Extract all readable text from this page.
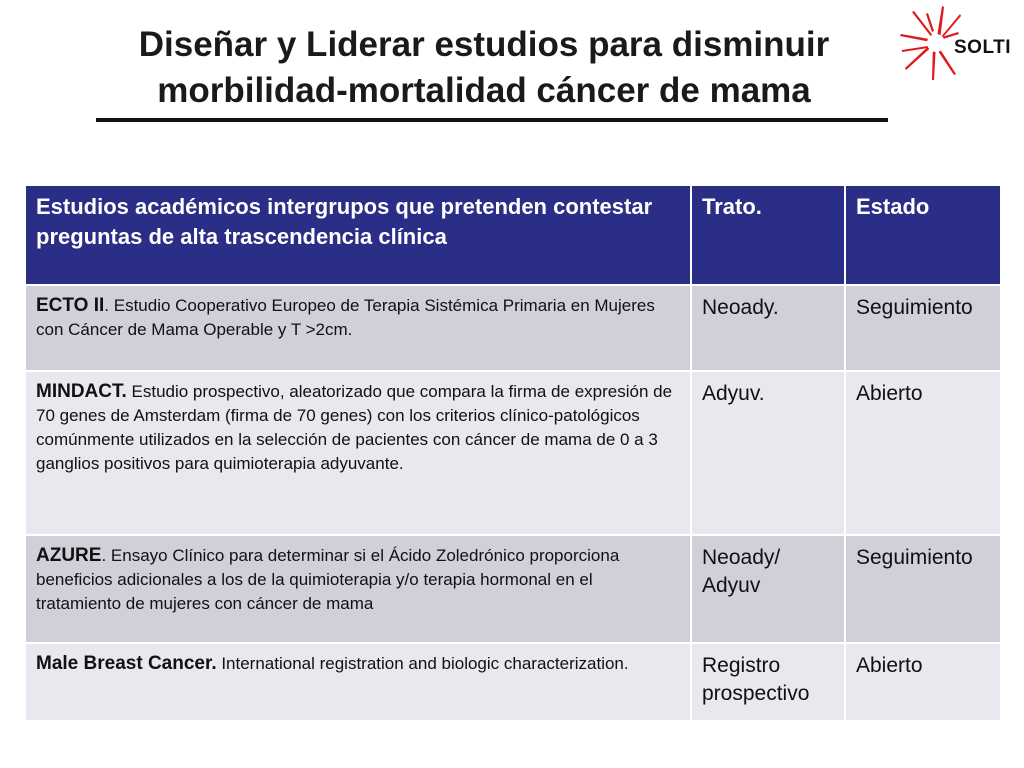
Diseñar y Liderar estudios para disminuir
morbilidad-mortalidad cáncer de mama
SOLTI
Estudios académicos intergrupos que pretenden contestar preguntas de alta trascendencia clínica	Trato.	Estado
ECTO II. Estudio Cooperativo Europeo de Terapia Sistémica Primaria en Mujeres con Cáncer de Mama Operable y T >2cm.	Neoady.	Seguimiento
MINDACT. Estudio prospectivo, aleatorizado que compara la firma de expresión de 70 genes de Amsterdam (firma de 70 genes) con los criterios clínico-patológicos comúnmente utilizados en la selección de pacientes con cáncer de mama de 0 a 3 ganglios positivos para quimioterapia adyuvante.	Adyuv.	Abierto
AZURE. Ensayo Clínico para determinar si el Ácido Zoledrónico proporciona beneficios adicionales a los de la quimioterapia y/o terapia hormonal en el tratamiento de mujeres con cáncer de mama	Neoady/ Adyuv	Seguimiento
Male Breast Cancer. International registration and biologic characterization.	Registro prospectivo	Abierto
